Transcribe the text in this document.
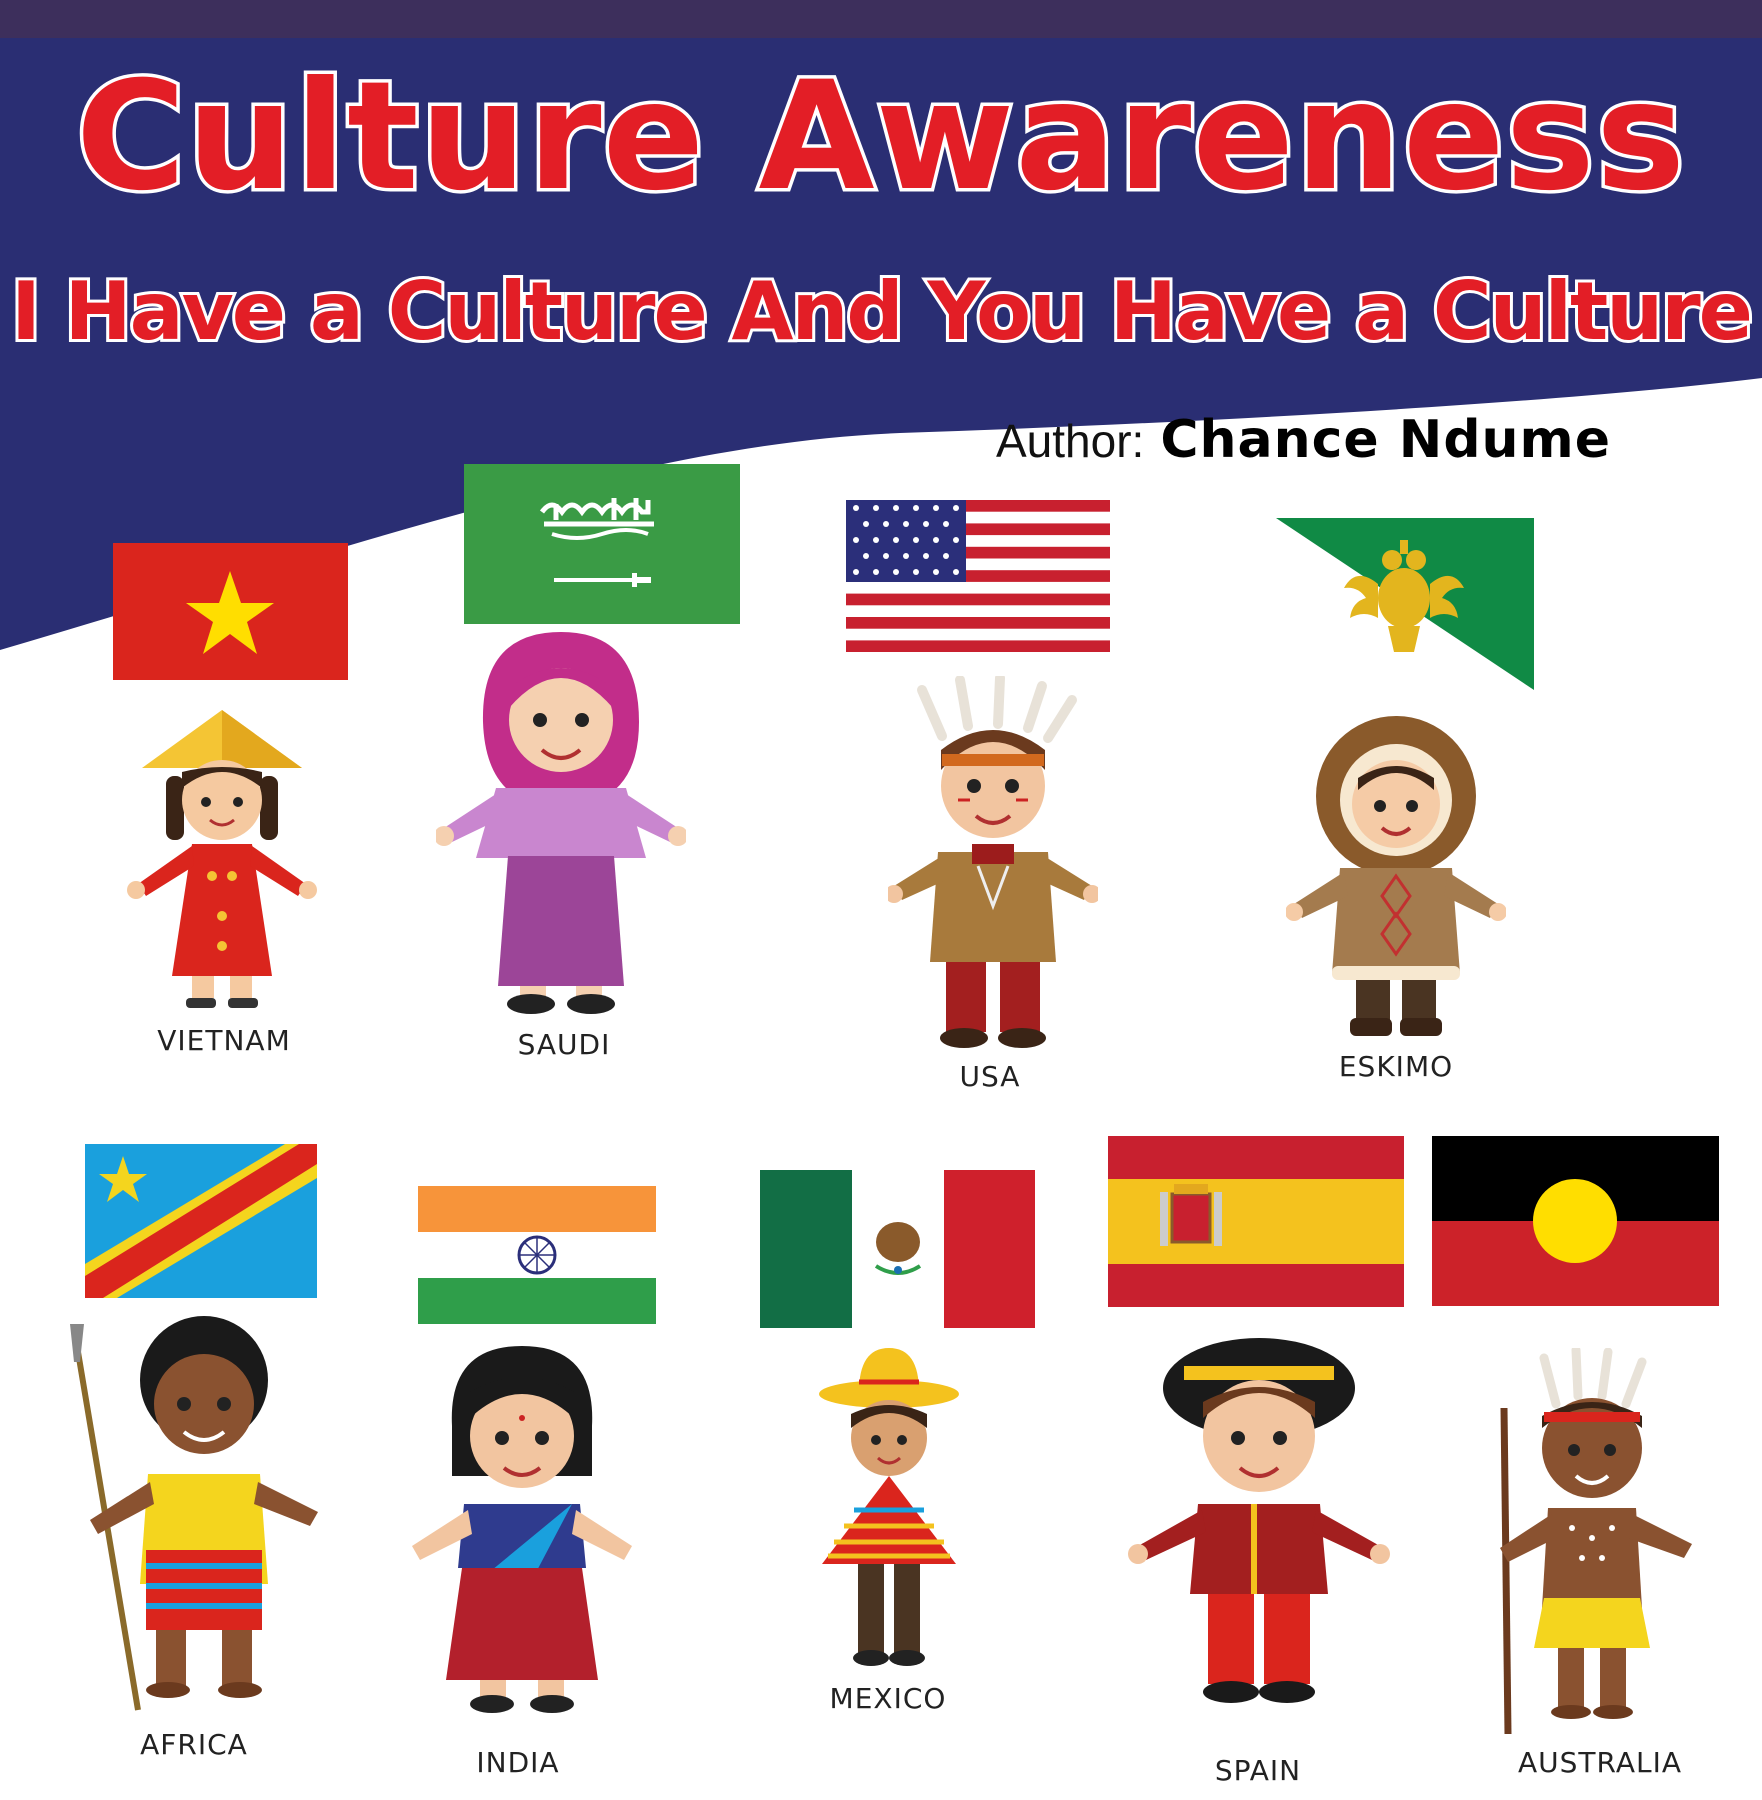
Culture Awareness
I Have a Culture And You Have a Culture
Author: Chance Ndume
VIETNAM	SAUDI
USA	ESKIMO
AFRICA
INDIA
MEXICO
SPAIN	AUSTRALIA
